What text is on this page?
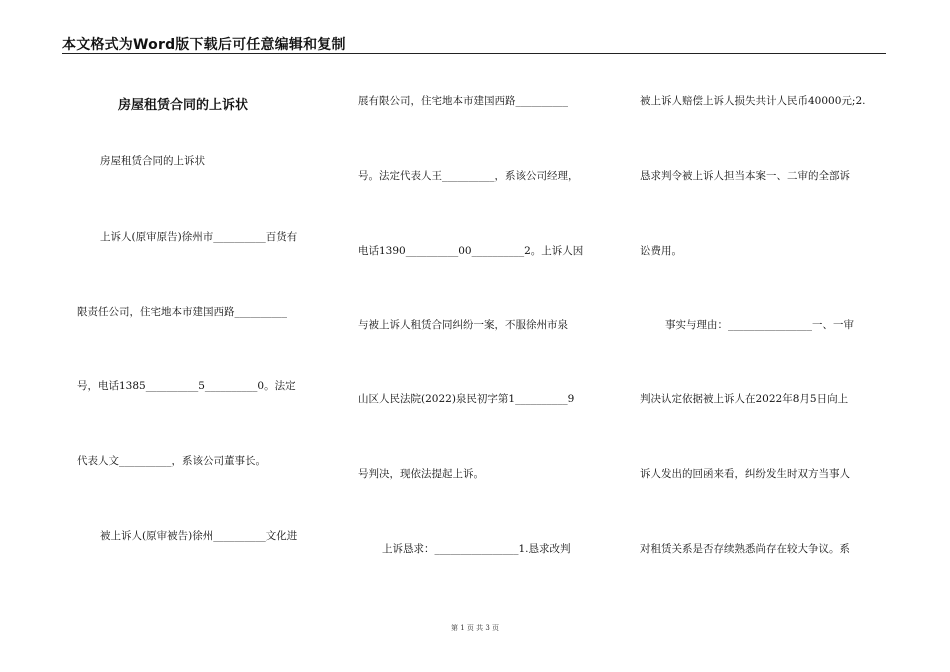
本文格式为Word版下载后可任意编辑和复制
房屋租赁合同的上诉状
房屋租赁合同的上诉状
上诉人(原审原告)徐州市__________百货有
限责任公司，住宅地本市建国西路__________
号，电话1385__________5__________0。法定
代表人文__________，系该公司董事长。
被上诉人(原审被告)徐州__________文化进
展有限公司，住宅地本市建国西路__________
号。法定代表人王__________，系该公司经理，
电话1390__________00__________2。上诉人因
与被上诉人租赁合同纠纷一案，不服徐州市泉
山区人民法院(2022)泉民初字第1__________9
号判决，现依法提起上诉。
上诉恳求：________________1.恳求改判
被上诉人赔偿上诉人损失共计人民币40000元;2.
恳求判令被上诉人担当本案一、二审的全部诉
讼费用。
事实与理由：________________一、一审
判决认定依据被上诉人在2022年8月5日向上
诉人发出的回函来看，纠纷发生时双方当事人
对租赁关系是否存续熟悉尚存在较大争议。系
第 1 页 共 3 页
